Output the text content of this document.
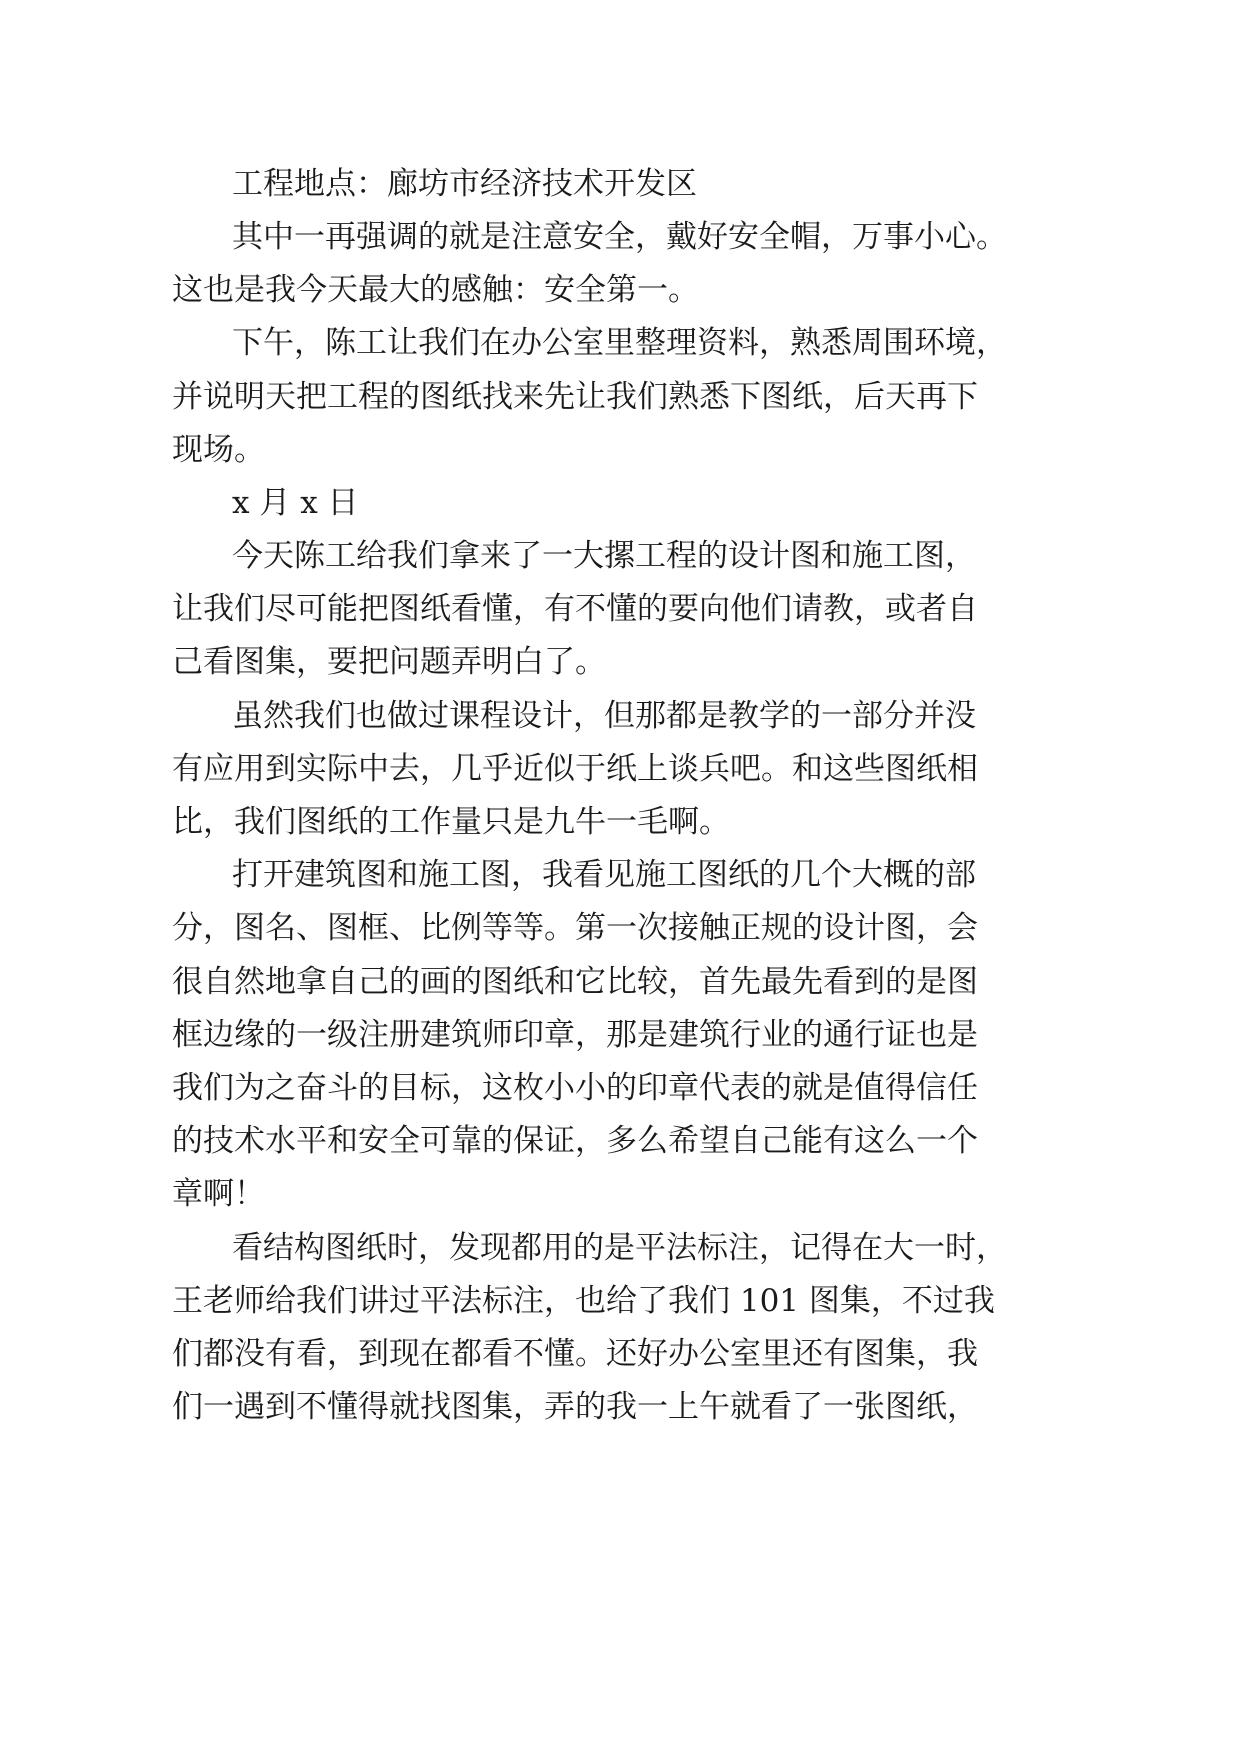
工程地点：廊坊市经济技术开发区
其中一再强调的就是注意安全，戴好安全帽，万事小心。
这也是我今天最大的感触：安全第一。
下午，陈工让我们在办公室里整理资料，熟悉周围环境，
并说明天把工程的图纸找来先让我们熟悉下图纸，后天再下
现场。
x 月 x 日
今天陈工给我们拿来了一大摞工程的设计图和施工图，
让我们尽可能把图纸看懂，有不懂的要向他们请教，或者自
己看图集，要把问题弄明白了。
虽然我们也做过课程设计，但那都是教学的一部分并没
有应用到实际中去，几乎近似于纸上谈兵吧。和这些图纸相
比，我们图纸的工作量只是九牛一毛啊。
打开建筑图和施工图，我看见施工图纸的几个大概的部
分，图名、图框、比例等等。第一次接触正规的设计图，会
很自然地拿自己的画的图纸和它比较，首先最先看到的是图
框边缘的一级注册建筑师印章，那是建筑行业的通行证也是
我们为之奋斗的目标，这枚小小的印章代表的就是值得信任
的技术水平和安全可靠的保证，多么希望自己能有这么一个
章啊！
看结构图纸时，发现都用的是平法标注，记得在大一时，
王老师给我们讲过平法标注，也给了我们 101 图集，不过我
们都没有看，到现在都看不懂。还好办公室里还有图集，我
们一遇到不懂得就找图集，弄的我一上午就看了一张图纸，
